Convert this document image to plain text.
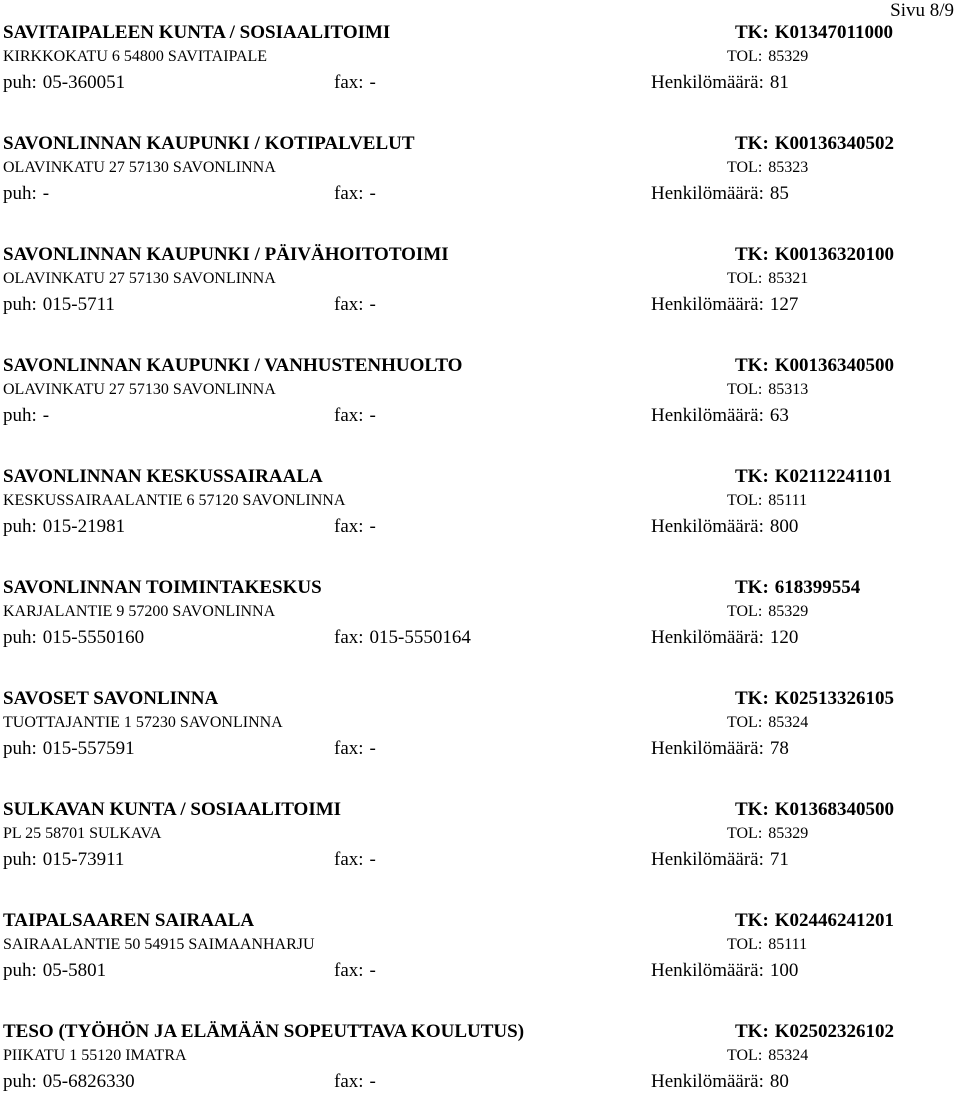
Sivu 8/9
SAVITAIPALEEN KUNTA / SOSIAALITOIMI	TK: K01347011000
KIRKKOKATU 6 54800 SAVITAIPALE	TOL: 85329
puh: 05-360051	fax: -	Henkilömäärä: 81
SAVONLINNAN KAUPUNKI / KOTIPALVELUT	TK: K00136340502
OLAVINKATU 27 57130 SAVONLINNA	TOL: 85323
puh: -	fax: -	Henkilömäärä: 85
SAVONLINNAN KAUPUNKI / PÄIVÄHOITOTOIMI	TK: K00136320100
OLAVINKATU 27 57130 SAVONLINNA	TOL: 85321
puh: 015-5711	fax: -	Henkilömäärä: 127
SAVONLINNAN KAUPUNKI / VANHUSTENHUOLTO	TK: K00136340500
OLAVINKATU 27 57130 SAVONLINNA	TOL: 85313
puh: -	fax: -	Henkilömäärä: 63
SAVONLINNAN KESKUSSAIRAALA	TK: K02112241101
KESKUSSAIRAALANTIE 6 57120 SAVONLINNA	TOL: 85111
puh: 015-21981	fax: -	Henkilömäärä: 800
SAVONLINNAN TOIMINTAKESKUS	TK: 618399554
KARJALANTIE 9 57200 SAVONLINNA	TOL: 85329
puh: 015-5550160	fax: 015-5550164	Henkilömäärä: 120
SAVOSET SAVONLINNA	TK: K02513326105
TUOTTAJANTIE 1 57230 SAVONLINNA	TOL: 85324
puh: 015-557591	fax: -	Henkilömäärä: 78
SULKAVAN KUNTA / SOSIAALITOIMI	TK: K01368340500
PL 25 58701 SULKAVA	TOL: 85329
puh: 015-73911	fax: -	Henkilömäärä: 71
TAIPALSAAREN SAIRAALA	TK: K02446241201
SAIRAALANTIE 50 54915 SAIMAANHARJU	TOL: 85111
puh: 05-5801	fax: -	Henkilömäärä: 100
TESO (TYÖHÖN JA ELÄMÄÄN SOPEUTTAVA KOULUTUS)	TK: K02502326102
PIIKATU 1 55120 IMATRA	TOL: 85324
puh: 05-6826330	fax: -	Henkilömäärä: 80
